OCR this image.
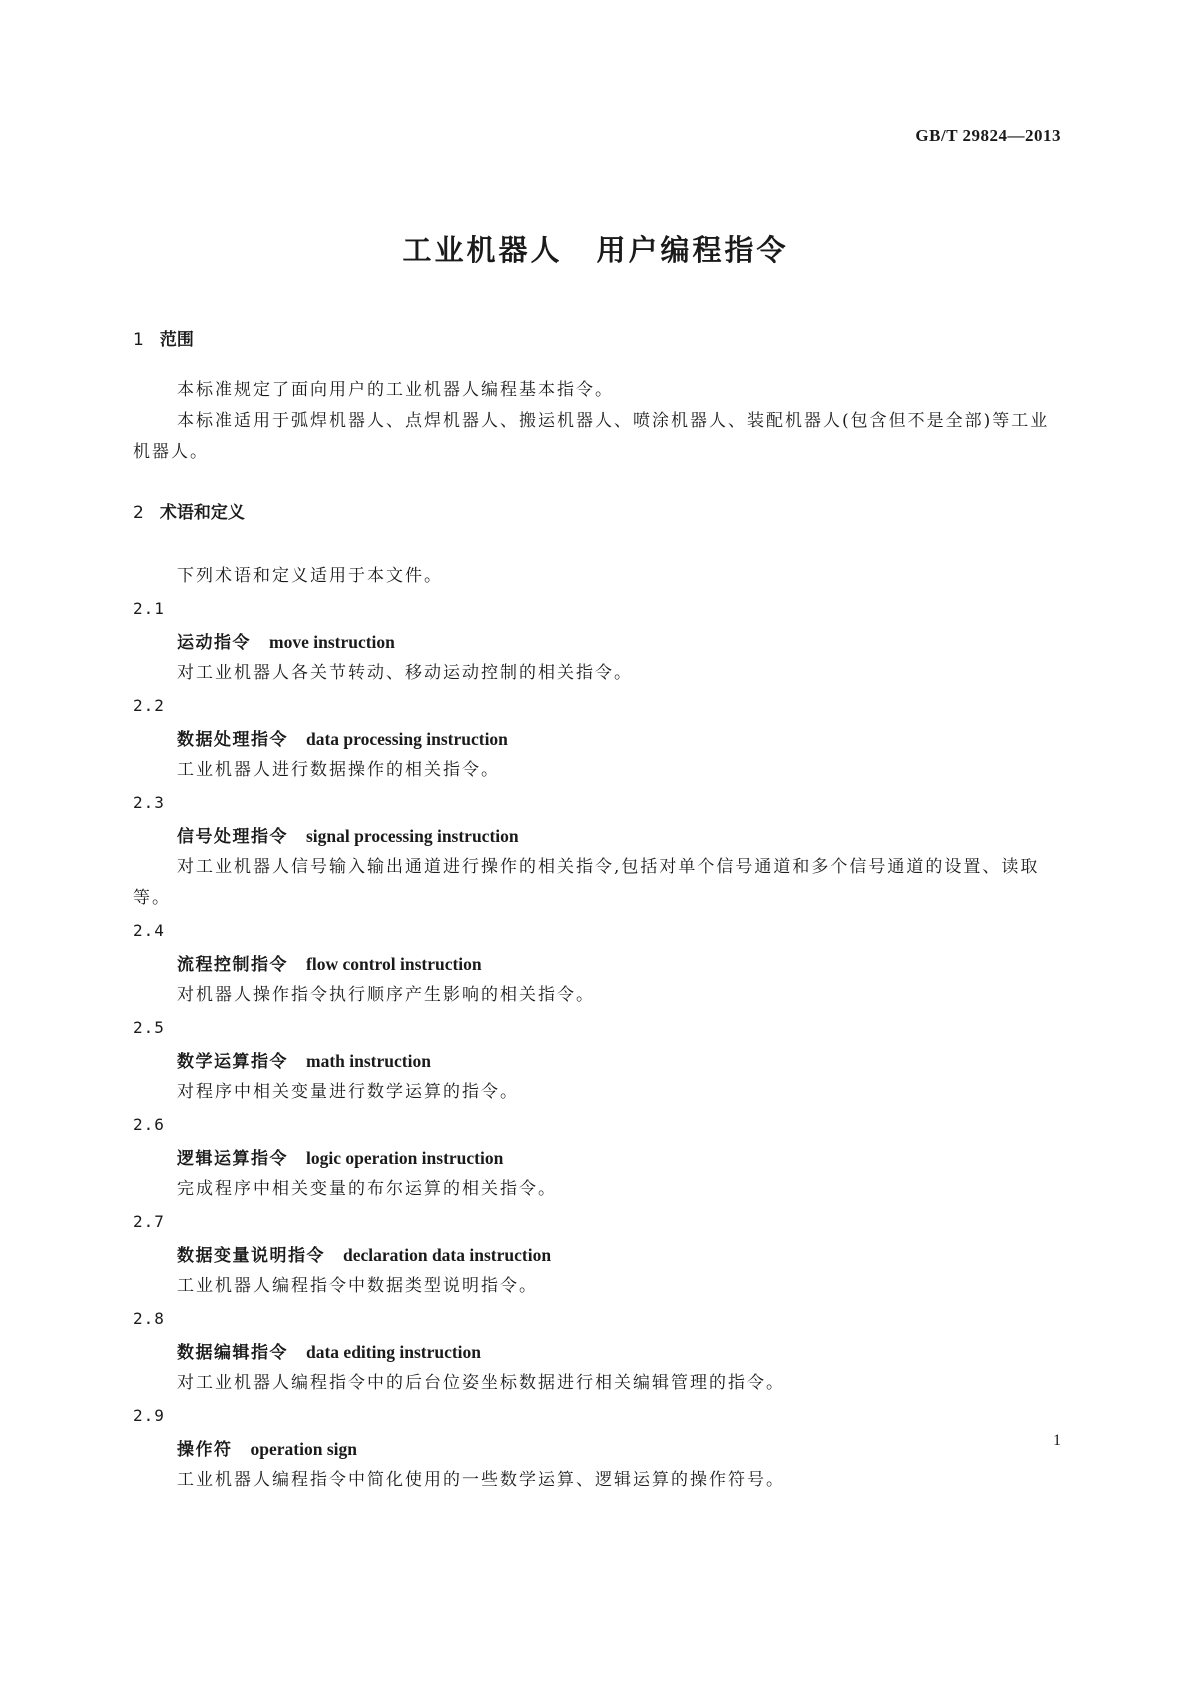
GB/T 29824—2013
工业机器人 用户编程指令
1 范围
本标准规定了面向用户的工业机器人编程基本指令。
本标准适用于弧焊机器人、点焊机器人、搬运机器人、喷涂机器人、装配机器人(包含但不是全部)等工业机器人。
2 术语和定义
下列术语和定义适用于本文件。
2.1
运动指令 move instruction
对工业机器人各关节转动、移动运动控制的相关指令。
2.2
数据处理指令 data processing instruction
工业机器人进行数据操作的相关指令。
2.3
信号处理指令 signal processing instruction
对工业机器人信号输入输出通道进行操作的相关指令,包括对单个信号通道和多个信号通道的设置、读取等。
2.4
流程控制指令 flow control instruction
对机器人操作指令执行顺序产生影响的相关指令。
2.5
数学运算指令 math instruction
对程序中相关变量进行数学运算的指令。
2.6
逻辑运算指令 logic operation instruction
完成程序中相关变量的布尔运算的相关指令。
2.7
数据变量说明指令 declaration data instruction
工业机器人编程指令中数据类型说明指令。
2.8
数据编辑指令 data editing instruction
对工业机器人编程指令中的后台位姿坐标数据进行相关编辑管理的指令。
2.9
操作符 operation sign
工业机器人编程指令中简化使用的一些数学运算、逻辑运算的操作符号。
1
